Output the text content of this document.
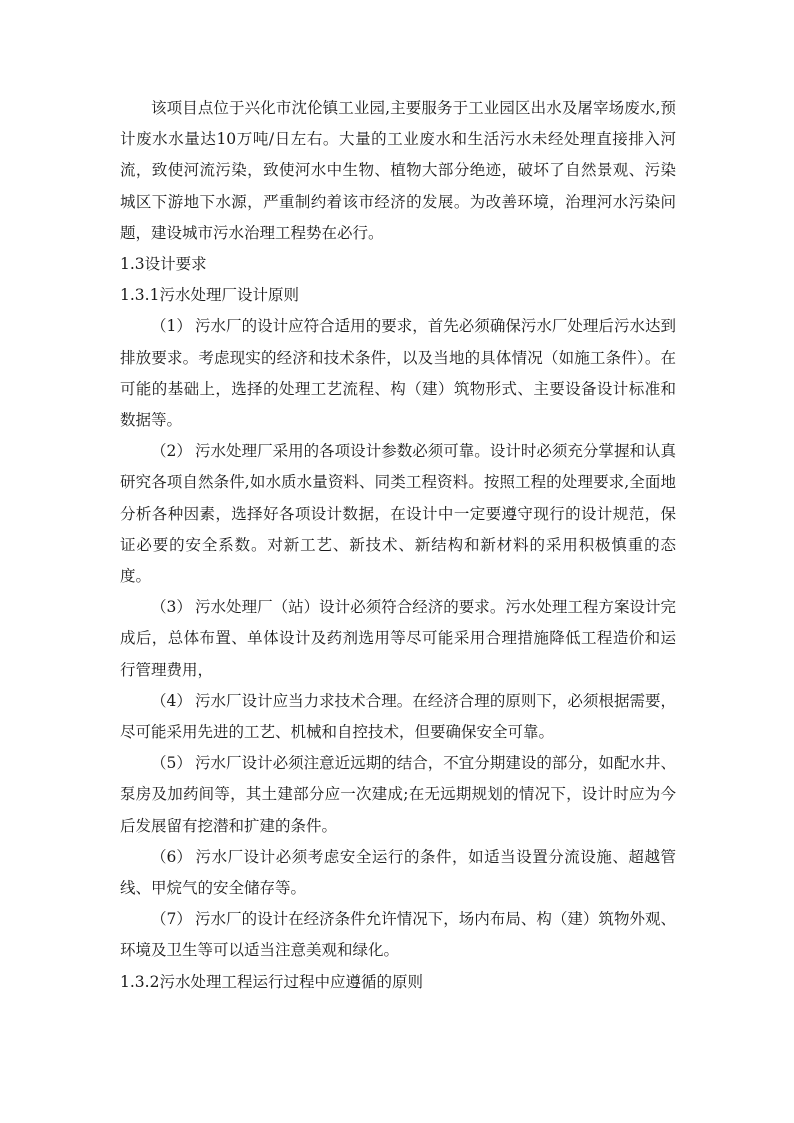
该项目点位于兴化市沈伦镇工业园,主要服务于工业园区出水及屠宰场废水,预计废水水量达10万吨/日左右。大量的工业废水和生活污水未经处理直接排入河流，致使河流污染，致使河水中生物、植物大部分绝迹，破坏了自然景观、污染城区下游地下水源，严重制约着该市经济的发展。为改善环境，治理河水污染问题，建设城市污水治理工程势在必行。

1.3设计要求

1.3.1污水处理厂设计原则

（1） 污水厂的设计应符合适用的要求，首先必须确保污水厂处理后污水达到排放要求。考虑现实的经济和技术条件，以及当地的具体情况（如施工条件）。在可能的基础上，选择的处理工艺流程、构（建）筑物形式、主要设备设计标准和数据等。

（2） 污水处理厂采用的各项设计参数必须可靠。设计时必须充分掌握和认真研究各项自然条件,如水质水量资料、同类工程资料。按照工程的处理要求,全面地分析各种因素，选择好各项设计数据，在设计中一定要遵守现行的设计规范，保证必要的安全系数。对新工艺、新技术、新结构和新材料的采用积极慎重的态度。

（3） 污水处理厂（站）设计必须符合经济的要求。污水处理工程方案设计完成后，总体布置、单体设计及药剂选用等尽可能采用合理措施降低工程造价和运行管理费用，

（4） 污水厂设计应当力求技术合理。在经济合理的原则下，必须根据需要，尽可能采用先进的工艺、机械和自控技术，但要确保安全可靠。

（5） 污水厂设计必须注意近远期的结合，不宜分期建设的部分，如配水井、泵房及加药间等，其土建部分应一次建成;在无远期规划的情况下，设计时应为今后发展留有挖潜和扩建的条件。

（6） 污水厂设计必须考虑安全运行的条件，如适当设置分流设施、超越管线、甲烷气的安全储存等。

（7） 污水厂的设计在经济条件允许情况下，场内布局、构（建）筑物外观、环境及卫生等可以适当注意美观和绿化。

1.3.2污水处理工程运行过程中应遵循的原则
